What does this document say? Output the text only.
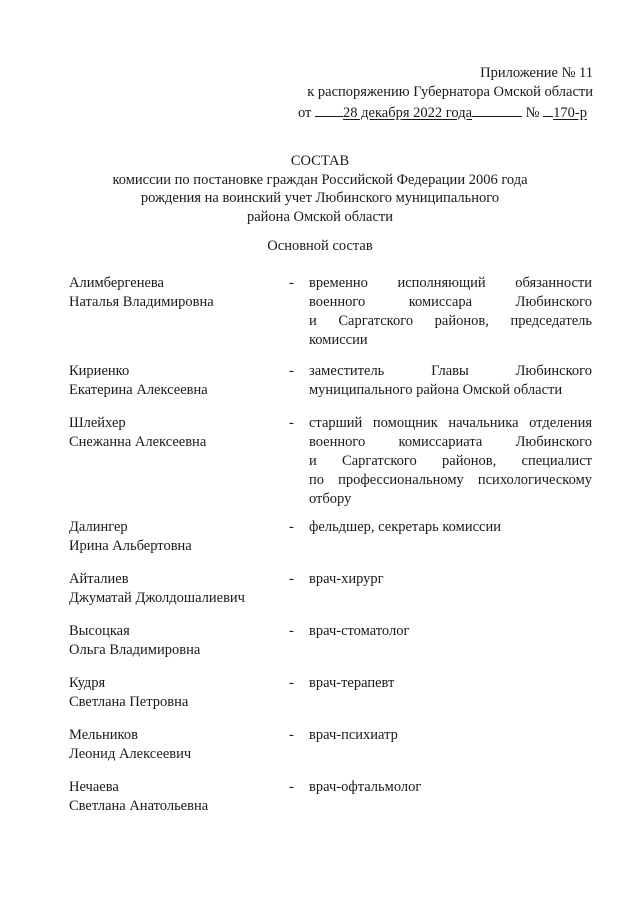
Приложение № 11
к распоряжению Губернатора Омской области
от 28 декабря 2022 года	№ 170-р
СОСТАВ
комиссии по постановке граждан Российской Федерации 2006 года
рождения на воинский учет Любинского муниципального
района Омской области
Основной состав
Алимбергенева
Наталья Владимировна
- временно исполняющий обязанности
военного комиссара Любинского
и Саргатского районов, председатель
комиссии
Кириенко
Екатерина Алексеевна
- заместитель Главы Любинского
муниципального района Омской области
Шлейхер
Снежанна Алексеевна
- старший помощник начальника отделения
военного комиссариата Любинского
и Саргатского районов, специалист
по профессиональному психологическому
отбору
Далингер
Ирина Альбертовна
- фельдшер, секретарь комиссии
Айталиев
Джуматай Джолдошалиевич
- врач-хирург
Высоцкая
Ольга Владимировна
- врач-стоматолог
Кудря
Светлана Петровна
- врач-терапевт
Мельников
Леонид Алексеевич
- врач-психиатр
Нечаева
Светлана Анатольевна
- врач-офтальмолог
